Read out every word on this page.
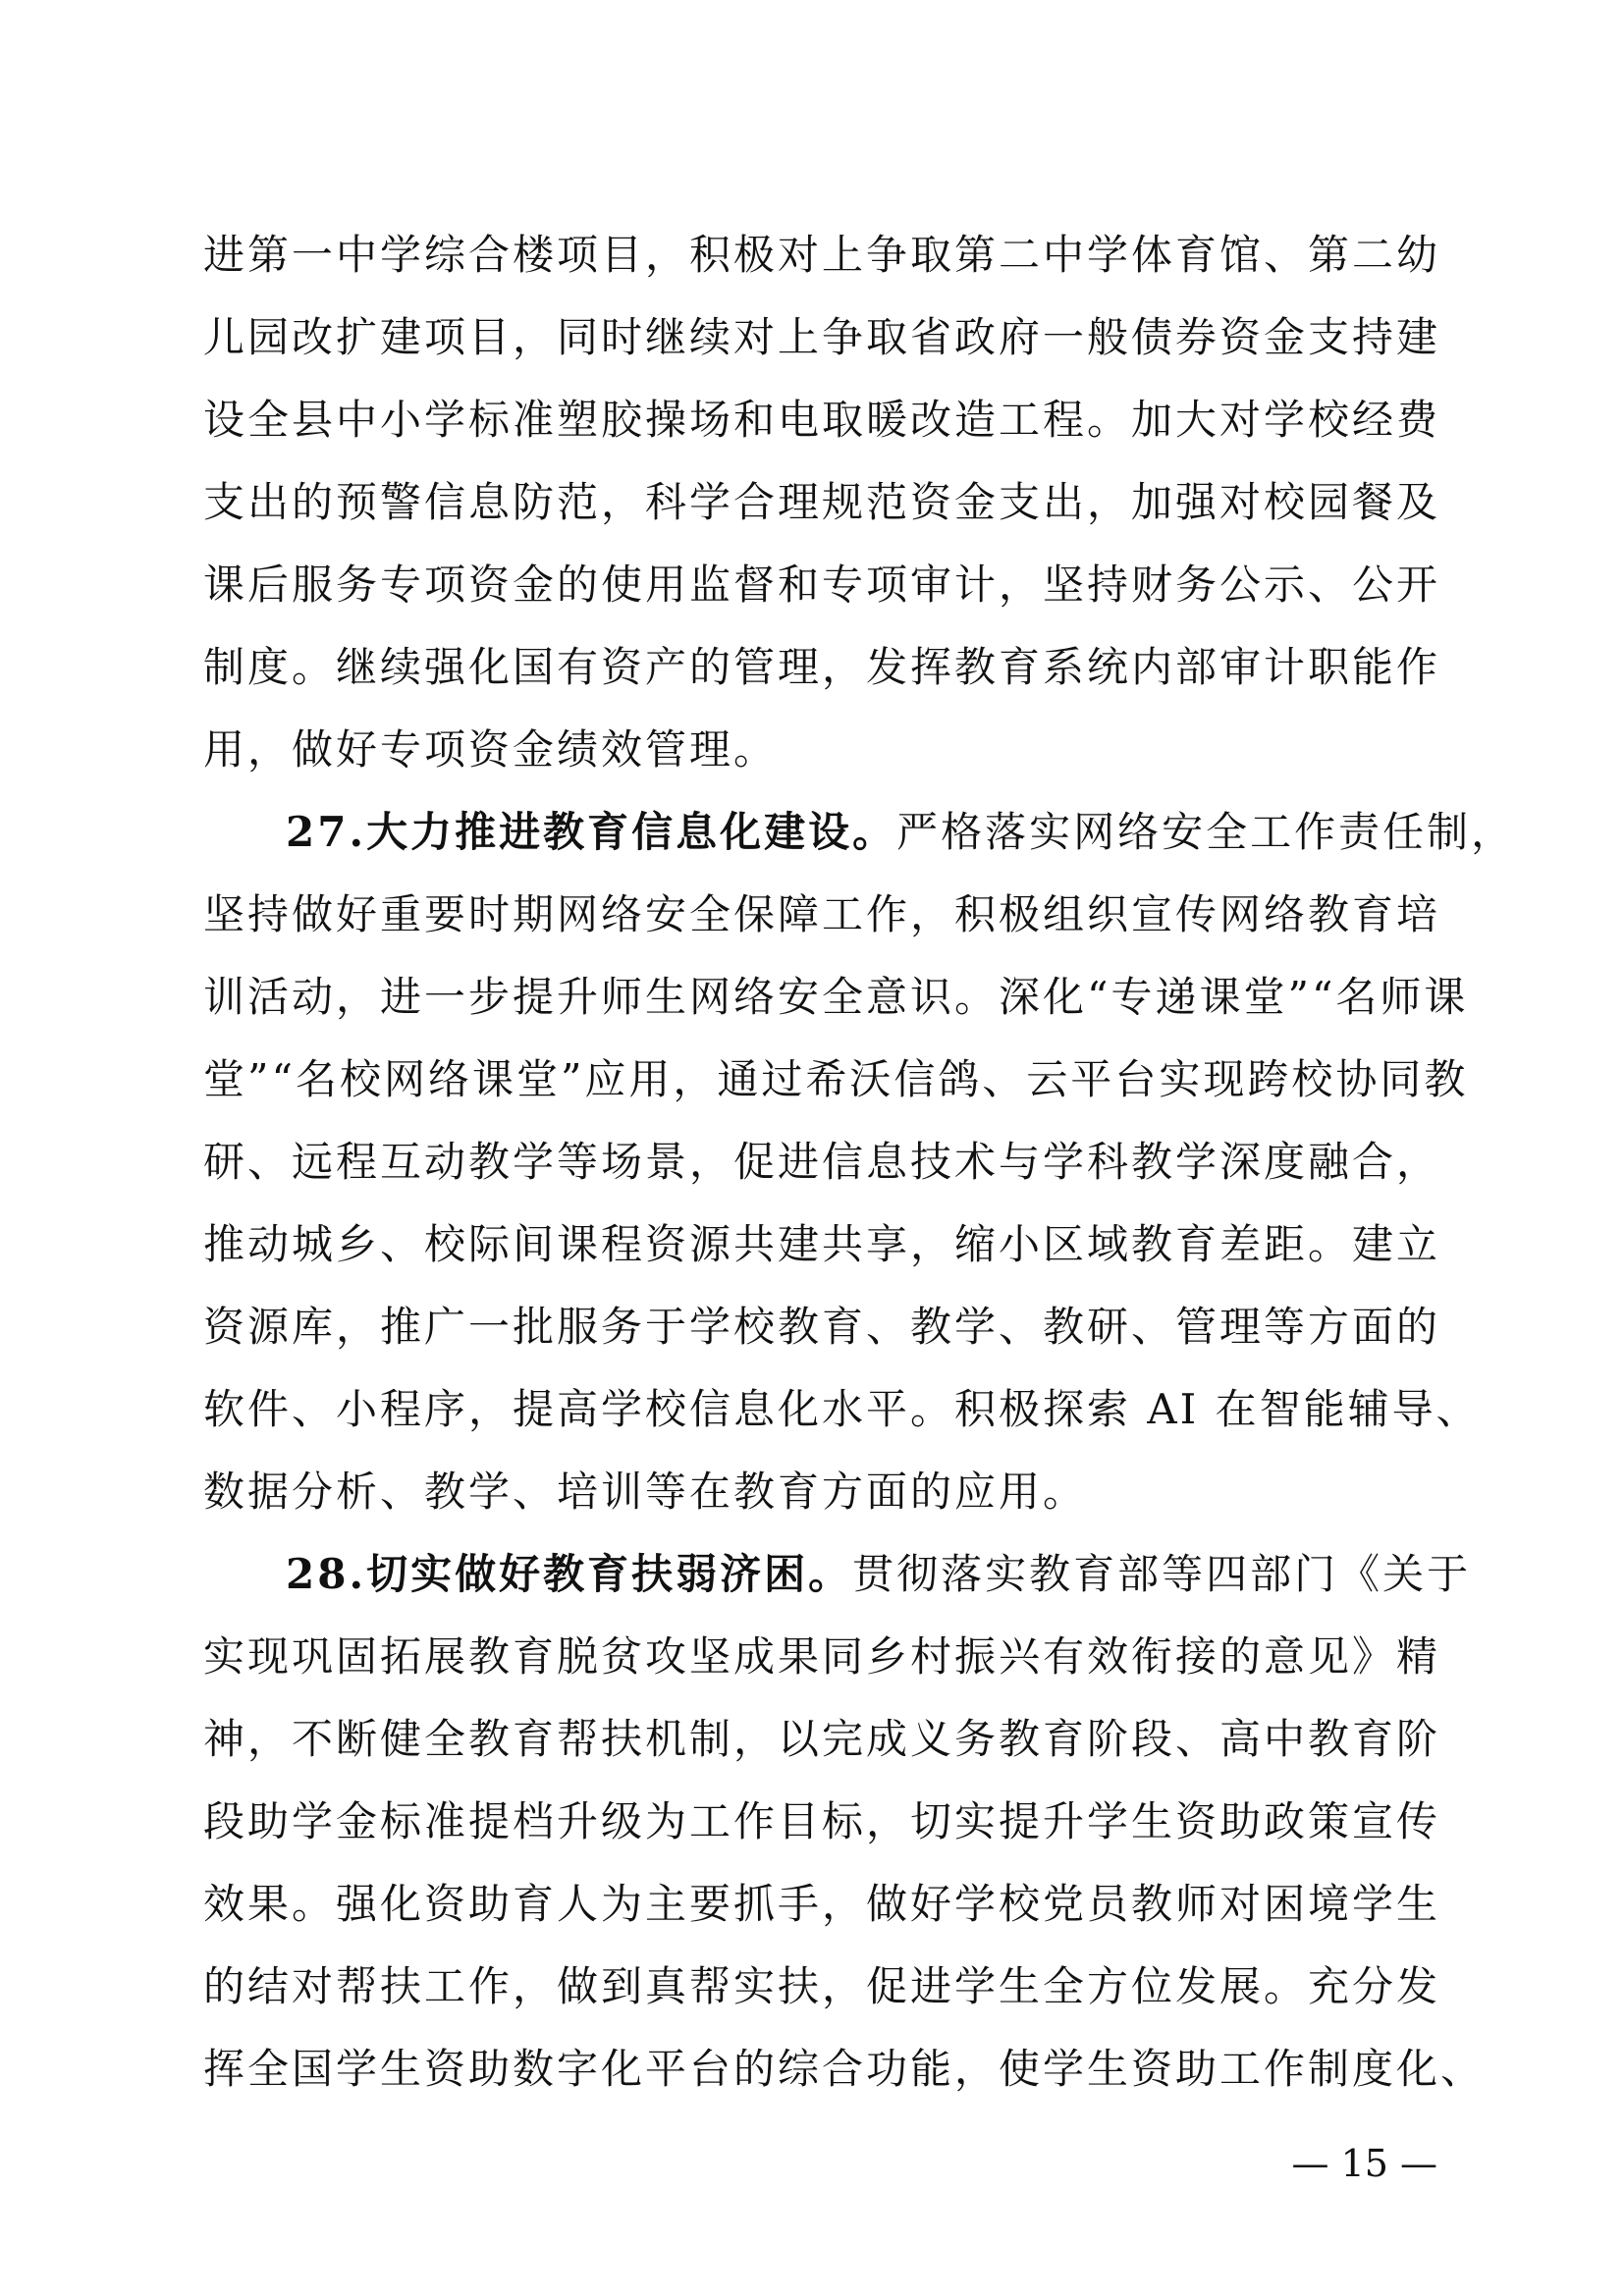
进第一中学综合楼项目，积极对上争取第二中学体育馆、第二幼
儿园改扩建项目，同时继续对上争取省政府一般债券资金支持建
设全县中小学标准塑胶操场和电取暖改造工程。加大对学校经费
支出的预警信息防范，科学合理规范资金支出，加强对校园餐及
课后服务专项资金的使用监督和专项审计，坚持财务公示、公开
制度。继续强化国有资产的管理，发挥教育系统内部审计职能作
用，做好专项资金绩效管理。
27.大力推进教育信息化建设。严格落实网络安全工作责任制，
坚持做好重要时期网络安全保障工作，积极组织宣传网络教育培
训活动，进一步提升师生网络安全意识。深化“专递课堂”“名师课
堂”“名校网络课堂”应用，通过希沃信鸽、云平台实现跨校协同教
研、远程互动教学等场景，促进信息技术与学科教学深度融合，
推动城乡、校际间课程资源共建共享，缩小区域教育差距。建立
资源库，推广一批服务于学校教育、教学、教研、管理等方面的
软件、小程序，提高学校信息化水平。积极探索 AI 在智能辅导、
数据分析、教学、培训等在教育方面的应用。
28.切实做好教育扶弱济困。贯彻落实教育部等四部门《关于
实现巩固拓展教育脱贫攻坚成果同乡村振兴有效衔接的意见》精
神，不断健全教育帮扶机制，以完成义务教育阶段、高中教育阶
段助学金标准提档升级为工作目标，切实提升学生资助政策宣传
效果。强化资助育人为主要抓手，做好学校党员教师对困境学生
的结对帮扶工作，做到真帮实扶，促进学生全方位发展。充分发
挥全国学生资助数字化平台的综合功能，使学生资助工作制度化、
— 15 —
